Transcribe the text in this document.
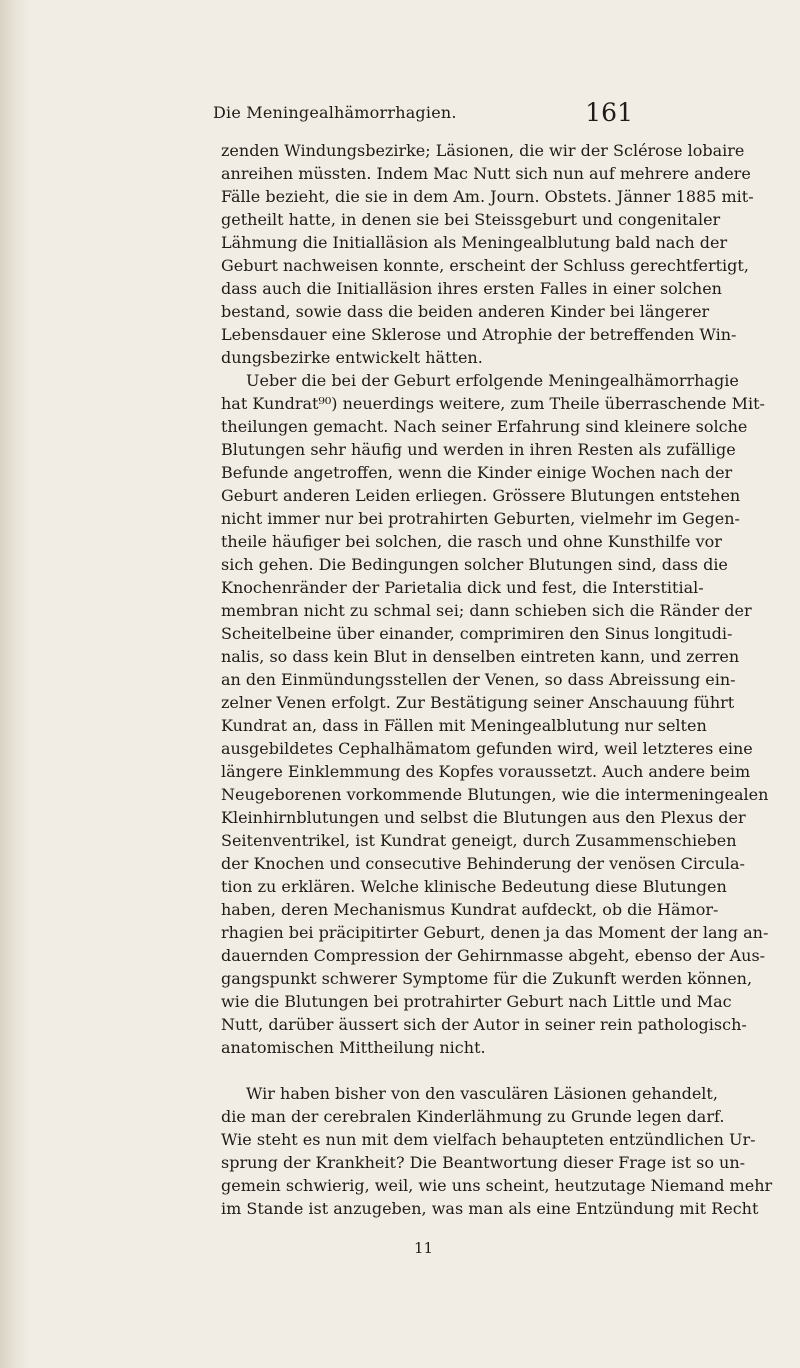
Die Meningealhämorrhagien.	161
zenden Windungsbezirke; Läsionen, die wir der Sclérose lobaire
anreihen müssten. Indem Mac Nutt sich nun auf mehrere andere
Fälle bezieht, die sie in dem Am. Journ. Obstets. Jänner 1885 mit-
getheilt hatte, in denen sie bei Steissgeburt und congenitaler
Lähmung die Initialläsion als Meningealblutung bald nach der
Geburt nachweisen konnte, erscheint der Schluss gerechtfertigt,
dass auch die Initialläsion ihres ersten Falles in einer solchen
bestand, sowie dass die beiden anderen Kinder bei längerer
Lebensdauer eine Sklerose und Atrophie der betreffenden Win-
dungsbezirke entwickelt hätten.
Ueber die bei der Geburt erfolgende Meningealhämorrhagie
hat Kundrat⁹⁰) neuerdings weitere, zum Theile überraschende Mit-
theilungen gemacht. Nach seiner Erfahrung sind kleinere solche
Blutungen sehr häufig und werden in ihren Resten als zufällige
Befunde angetroffen, wenn die Kinder einige Wochen nach der
Geburt anderen Leiden erliegen. Grössere Blutungen entstehen
nicht immer nur bei protrahirten Geburten, vielmehr im Gegen-
theile häufiger bei solchen, die rasch und ohne Kunsthilfe vor
sich gehen. Die Bedingungen solcher Blutungen sind, dass die
Knochenränder der Parietalia dick und fest, die Interstitial-
membran nicht zu schmal sei; dann schieben sich die Ränder der
Scheitelbeine über einander, comprimiren den Sinus longitudi-
nalis, so dass kein Blut in denselben eintreten kann, und zerren
an den Einmündungsstellen der Venen, so dass Abreissung ein-
zelner Venen erfolgt. Zur Bestätigung seiner Anschauung führt
Kundrat an, dass in Fällen mit Meningealblutung nur selten
ausgebildetes Cephalhämatom gefunden wird, weil letzteres eine
längere Einklemmung des Kopfes voraussetzt. Auch andere beim
Neugeborenen vorkommende Blutungen, wie die intermeningealen
Kleinhirnblutungen und selbst die Blutungen aus den Plexus der
Seitenventrikel, ist Kundrat geneigt, durch Zusammenschieben
der Knochen und consecutive Behinderung der venösen Circula-
tion zu erklären. Welche klinische Bedeutung diese Blutungen
haben, deren Mechanismus Kundrat aufdeckt, ob die Hämor-
rhagien bei präcipitirter Geburt, denen ja das Moment der lang an-
dauernden Compression der Gehirnmasse abgeht, ebenso der Aus-
gangspunkt schwerer Symptome für die Zukunft werden können,
wie die Blutungen bei protrahirter Geburt nach Little und Mac
Nutt, darüber äussert sich der Autor in seiner rein pathologisch-
anatomischen Mittheilung nicht.
Wir haben bisher von den vasculären Läsionen gehandelt,
die man der cerebralen Kinderlähmung zu Grunde legen darf.
Wie steht es nun mit dem vielfach behaupteten entzündlichen Ur-
sprung der Krankheit? Die Beantwortung dieser Frage ist so un-
gemein schwierig, weil, wie uns scheint, heutzutage Niemand mehr
im Stande ist anzugeben, was man als eine Entzündung mit Recht
11
